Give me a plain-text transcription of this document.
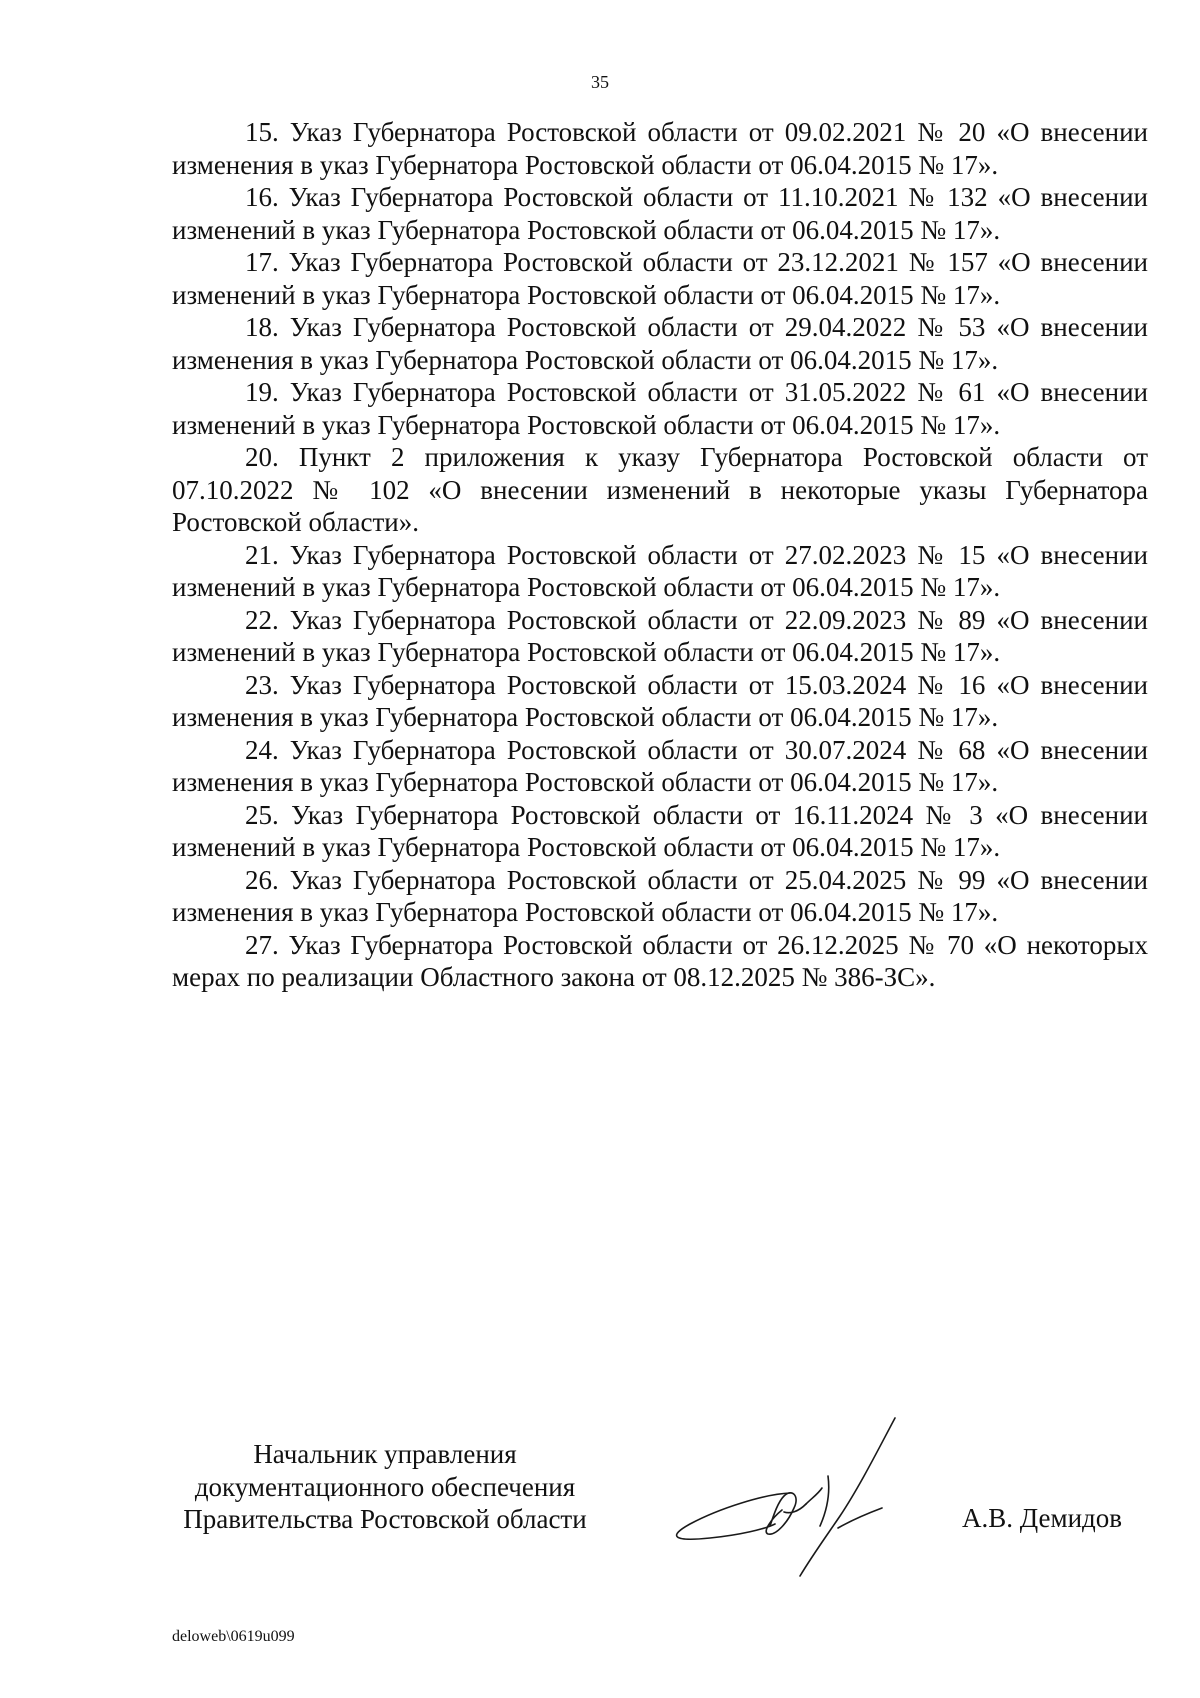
35

15. Указ Губернатора Ростовской области от 09.02.2021 № 20 «О внесении изменения в указ Губернатора Ростовской области от 06.04.2015 № 17».

16. Указ Губернатора Ростовской области от 11.10.2021 № 132 «О внесении изменений в указ Губернатора Ростовской области от 06.04.2015 № 17».

17. Указ Губернатора Ростовской области от 23.12.2021 № 157 «О внесении изменений в указ Губернатора Ростовской области от 06.04.2015 № 17».

18. Указ Губернатора Ростовской области от 29.04.2022 № 53 «О внесении изменения в указ Губернатора Ростовской области от 06.04.2015 № 17».

19. Указ Губернатора Ростовской области от 31.05.2022 № 61 «О внесении изменений в указ Губернатора Ростовской области от 06.04.2015 № 17».

20. Пункт 2 приложения к указу Губернатора Ростовской области от 07.10.2022 № 102 «О внесении изменений в некоторые указы Губернатора Ростовской области».

21. Указ Губернатора Ростовской области от 27.02.2023 № 15 «О внесении изменений в указ Губернатора Ростовской области от 06.04.2015 № 17».

22. Указ Губернатора Ростовской области от 22.09.2023 № 89 «О внесении изменений в указ Губернатора Ростовской области от 06.04.2015 № 17».

23. Указ Губернатора Ростовской области от 15.03.2024 № 16 «О внесении изменения в указ Губернатора Ростовской области от 06.04.2015 № 17».

24. Указ Губернатора Ростовской области от 30.07.2024 № 68 «О внесении изменения в указ Губернатора Ростовской области от 06.04.2015 № 17».

25. Указ Губернатора Ростовской области от 16.11.2024 № 3 «О внесении изменений в указ Губернатора Ростовской области от 06.04.2015 № 17».

26. Указ Губернатора Ростовской области от 25.04.2025 № 99 «О внесении изменения в указ Губернатора Ростовской области от 06.04.2015 № 17».

27. Указ Губернатора Ростовской области от 26.12.2025 № 70 «О некоторых мерах по реализации Областного закона от 08.12.2025 № 386-ЗС».

Начальник управления
документационного обеспечения
Правительства Ростовской области	А.В. Демидов
deloweb\0619u099
